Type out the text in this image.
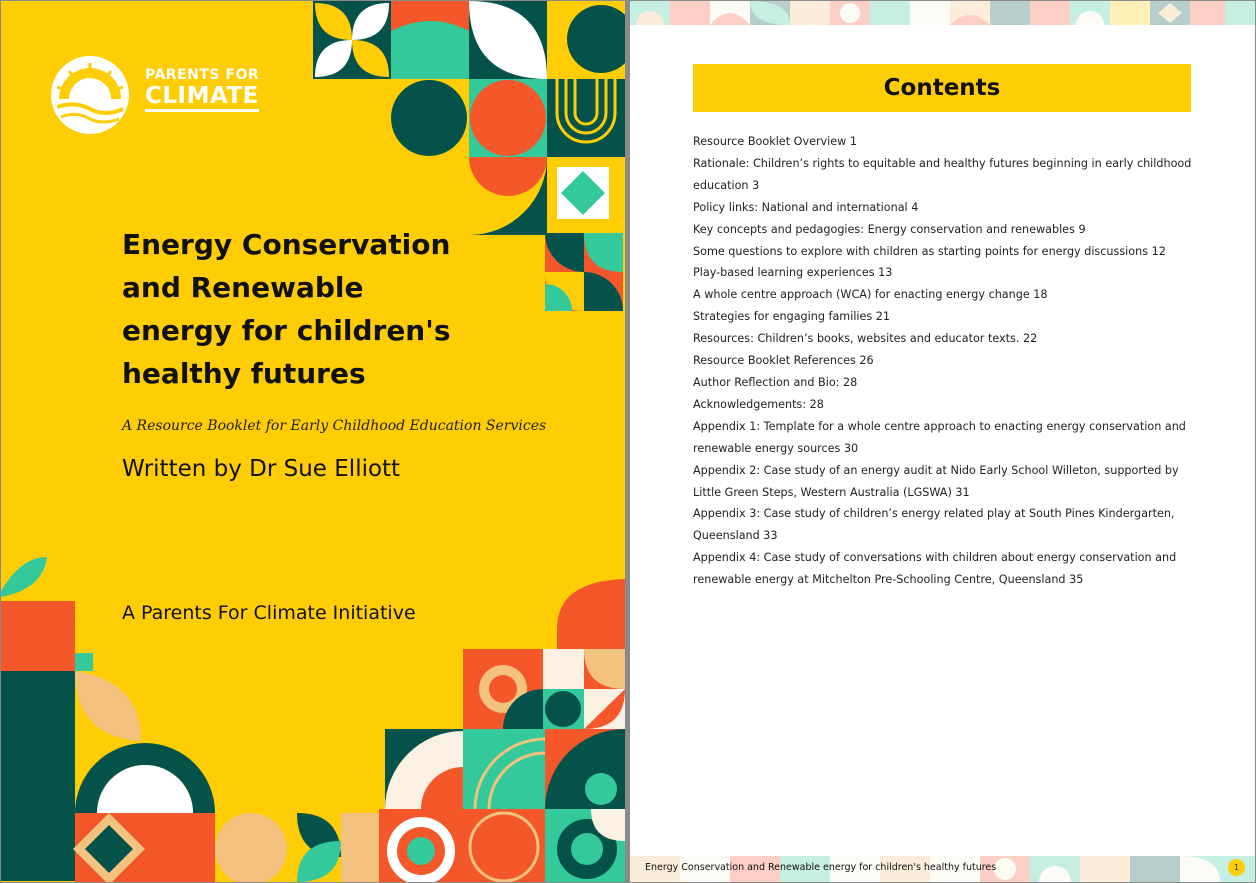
PARENTS FOR
CLIMATE
Energy Conservation and Renewable energy for children's healthy futures
A Resource Booklet for Early Childhood Education Services
Written by Dr Sue Elliott
A Parents For Climate Initiative
Contents
Resource Booklet Overview 1
Rationale: Children’s rights to equitable and healthy futures beginning in early childhood
education 3
Policy links: National and international 4
Key concepts and pedagogies: Energy conservation and renewables 9
Some questions to explore with children as starting points for energy discussions 12
Play-based learning experiences 13
A whole centre approach (WCA) for enacting energy change 18
Strategies for engaging families 21
Resources: Children’s books, websites and educator texts. 22
Resource Booklet References 26
Author Reflection and Bio: 28
Acknowledgements: 28
Appendix 1: Template for a whole centre approach to enacting energy conservation and
renewable energy sources 30
Appendix 2: Case study of an energy audit at Nido Early School Willeton, supported by
Little Green Steps, Western Australia (LGSWA) 31
Appendix 3: Case study of children’s energy related play at South Pines Kindergarten,
Queensland 33
Appendix 4: Case study of conversations with children about energy conservation and
renewable energy at Mitchelton Pre-Schooling Centre, Queensland 35
Energy Conservation and Renewable energy for children's healthy futures	1
